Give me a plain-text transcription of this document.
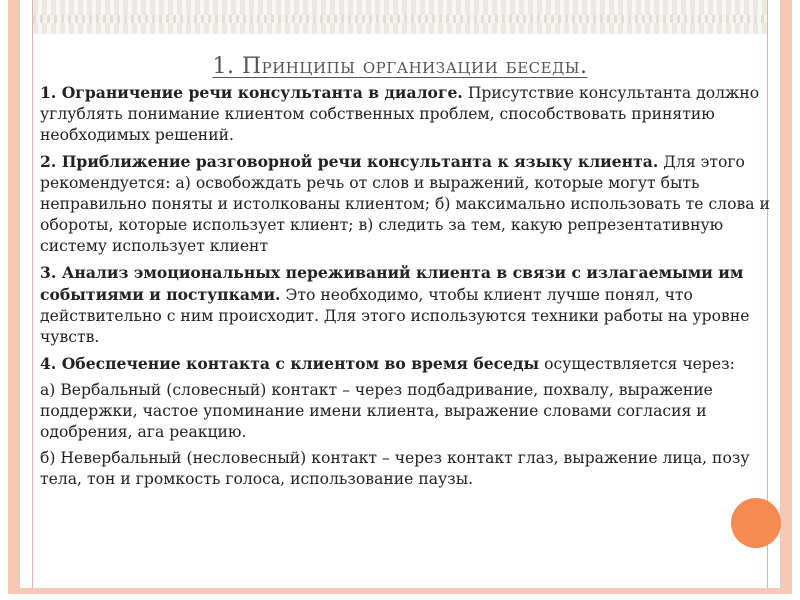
1. Принципы организации беседы.

1. Ограничение речи консультанта в диалоге. Присутствие консультанта должно углублять понимание клиентом собственных проблем, способствовать принятию необходимых решений.

2. Приближение разговорной речи консультанта к языку клиента. Для этого рекомендуется: а) освобождать речь от слов и выражений, которые могут быть неправильно поняты и истолкованы клиентом; б) максимально использовать те слова и обороты, которые использует клиент; в) следить за тем, какую репрезентативную систему использует клиент

3. Анализ эмоциональных переживаний клиента в связи с излагаемыми им событиями и поступками. Это необходимо, чтобы клиент лучше понял, что действительно с ним происходит. Для этого используются техники работы на уровне чувств.

4. Обеспечение контакта с клиентом во время беседы осуществляется через:

а) Вербальный (словесный) контакт – через подбадривание, похвалу, выражение поддержки, частое упоминание имени клиента, выражение словами согласия и одобрения, ага реакцию.

б) Невербальный (несловесный) контакт – через контакт глаз, выражение лица, позу тела, тон и громкость голоса, использование паузы.
